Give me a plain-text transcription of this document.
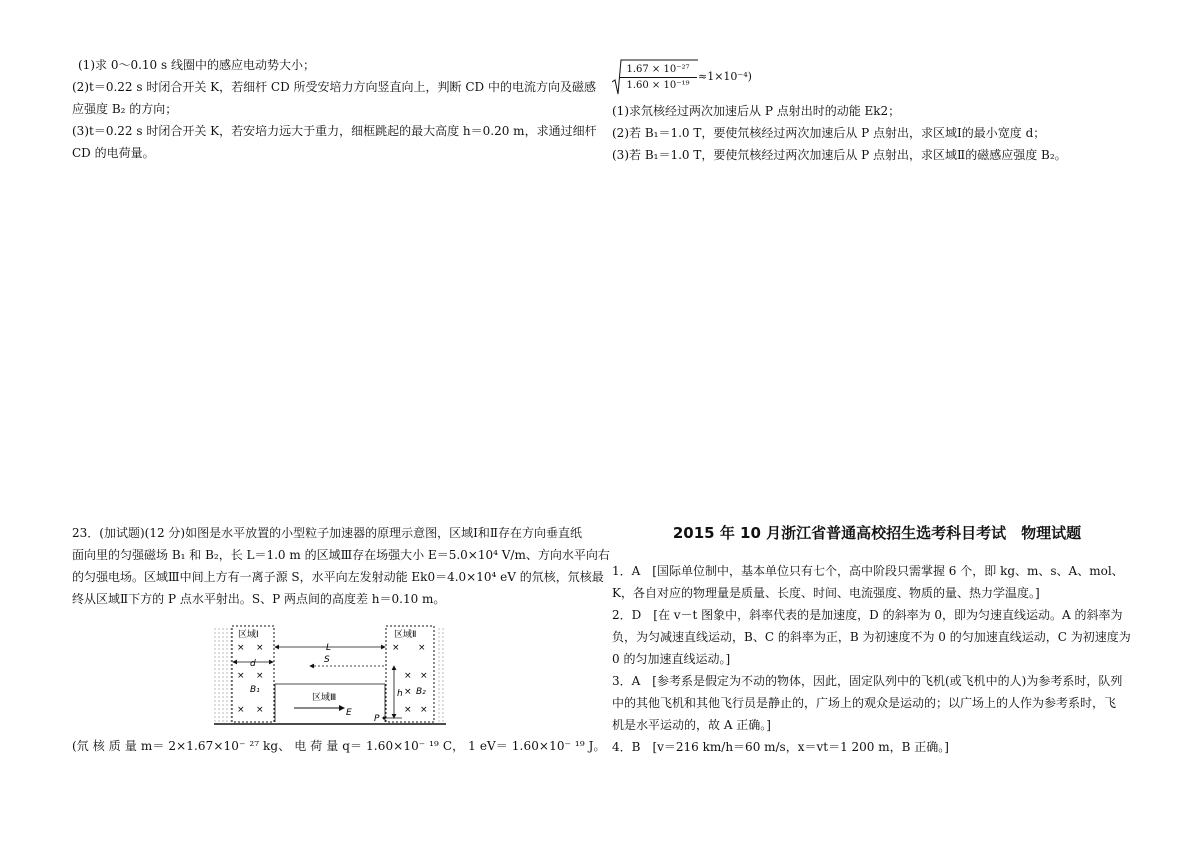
(1)求 0～0.10 s 线圈中的感应电动势大小；
(2)t＝0.22 s 时闭合开关 K，若细杆 CD 所受安培力方向竖直向上，判断 CD 中的电流方向及磁感
应强度 B₂ 的方向；
(3)t＝0.22 s 时闭合开关 K，若安培力远大于重力，细框跳起的最大高度 h＝0.20 m，求通过细杆
CD 的电荷量。
$\frac{\text{1.67 × 10⁻²⁷}}{\text{1.60 × 10⁻¹⁹}} \approx 1\times 10^{-4}$)
(1)求氘核经过两次加速后从 P 点射出时的动能 Ek2；
(2)若 B₁＝1.0 T，要使氘核经过两次加速后从 P 点射出，求区域Ⅰ的最小宽度 d；
(3)若 B₁＝1.0 T，要使氘核经过两次加速后从 P 点射出，求区域Ⅱ的磁感应强度 B₂。
23．(加试题)(12 分)如图是水平放置的小型粒子加速器的原理示意图，区域Ⅰ和Ⅱ存在方向垂直纸
面向里的匀强磁场 B₁ 和 B₂，长 L＝1.0 m 的区域Ⅲ存在场强大小 E＝5.0×10⁴ V/m、方向水平向右
的匀强电场。区域Ⅲ中间上方有一离子源 S，水平向左发射动能 Ek0＝4.0×10⁴ eV 的氘核，氘核最
终从区域Ⅱ下方的 P 点水平射出。S、P 两点间的高度差 h＝0.10 m。
区域Ⅰ	区域Ⅱ
× ×
× ×
× ×
× ×
× ×
×
× ×
B₁	B₂
d
L
S
区域Ⅲ
E
h
P
(氘 核 质 量 m＝ 2×1.67×10⁻ ²⁷ kg、 电 荷 量 q＝ 1.60×10⁻ ¹⁹ C， 1 eV＝ 1.60×10⁻ ¹⁹ J。
2015 年 10 月浙江省普通高校招生选考科目考试　物理试题
1．A　[国际单位制中，基本单位只有七个，高中阶段只需掌握 6 个，即 kg、m、s、A、mol、
K，各自对应的物理量是质量、长度、时间、电流强度、物质的量、热力学温度。]
2．D　[在 v－t 图象中，斜率代表的是加速度，D 的斜率为 0，即为匀速直线运动。A 的斜率为
负，为匀减速直线运动，B、C 的斜率为正，B 为初速度不为 0 的匀加速直线运动，C 为初速度为
0 的匀加速直线运动。]
3．A　[参考系是假定为不动的物体，因此，固定队列中的飞机(或飞机中的人)为参考系时，队列
中的其他飞机和其他飞行员是静止的，广场上的观众是运动的；以广场上的人作为参考系时，飞
机是水平运动的，故 A 正确。]
4．B　[v＝216 km/h＝60 m/s，x＝vt＝1 200 m，B 正确。]
